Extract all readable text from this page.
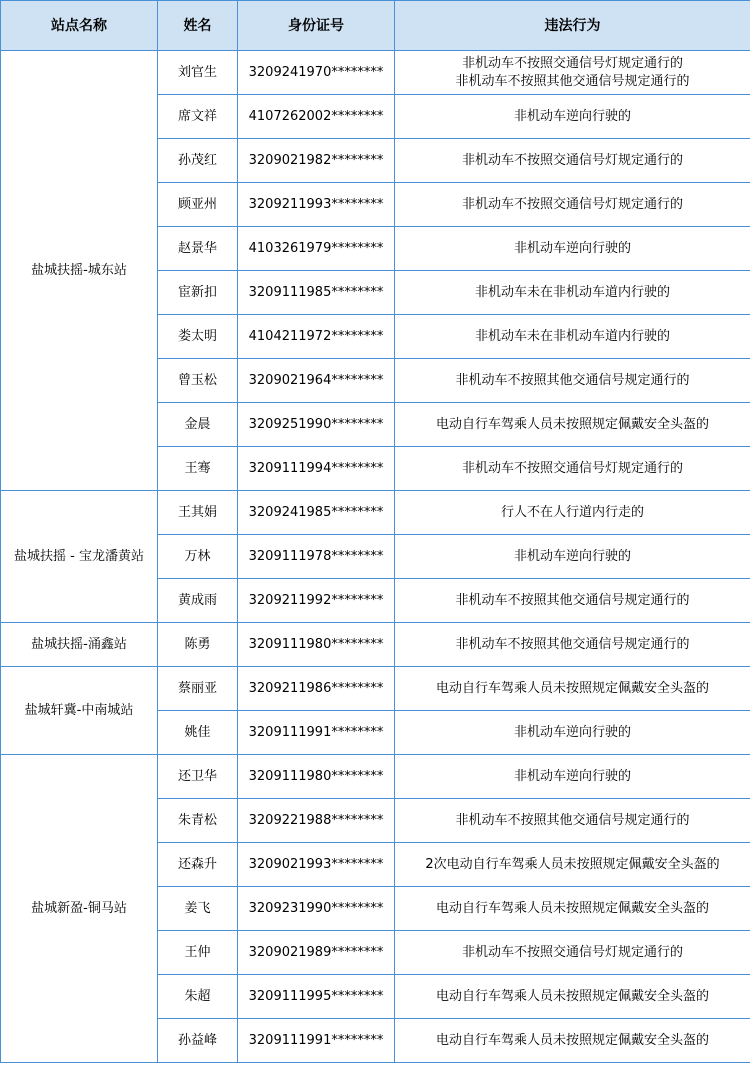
站点名称	姓名	身份证号	违法行为
盐城扶摇-城东站	刘官生	3209241970********	非机动车不按照交通信号灯规定通行的
非机动车不按照其他交通信号规定通行的

	席文祥	4107262002********	非机动车逆向行驶的

	孙茂红	3209021982********	非机动车不按照交通信号灯规定通行的

	顾亚州	3209211993********	非机动车不按照交通信号灯规定通行的

	赵景华	4103261979********	非机动车逆向行驶的

	宦新扣	3209111985********	非机动车未在非机动车道内行驶的

	娄太明	4104211972********	非机动车未在非机动车道内行驶的

	曾玉松	3209021964********	非机动车不按照其他交通信号规定通行的

	金晨	3209251990********	电动自行车驾乘人员未按照规定佩戴安全头盔的

	王骞	3209111994********	非机动车不按照交通信号灯规定通行的

盐城扶摇 - 宝龙潘黄站	王其娟	3209241985********	行人不在人行道内行走的

	万林	3209111978********	非机动车逆向行驶的

	黄成雨	3209211992********	非机动车不按照其他交通信号规定通行的

盐城扶摇-涌鑫站	陈勇	3209111980********	非机动车不按照其他交通信号规定通行的

盐城轩冀-中南城站	蔡丽亚	3209211986********	电动自行车驾乘人员未按照规定佩戴安全头盔的

	姚佳	3209111991********	非机动车逆向行驶的

盐城新盈-铜马站	还卫华	3209111980********	非机动车逆向行驶的

	朱青松	3209221988********	非机动车不按照其他交通信号规定通行的

	还森升	3209021993********	2次电动自行车驾乘人员未按照规定佩戴安全头盔的

	姜飞	3209231990********	电动自行车驾乘人员未按照规定佩戴安全头盔的

	王仲	3209021989********	非机动车不按照交通信号灯规定通行的

	朱超	3209111995********	电动自行车驾乘人员未按照规定佩戴安全头盔的

	孙益峰	3209111991********	电动自行车驾乘人员未按照规定佩戴安全头盔的
